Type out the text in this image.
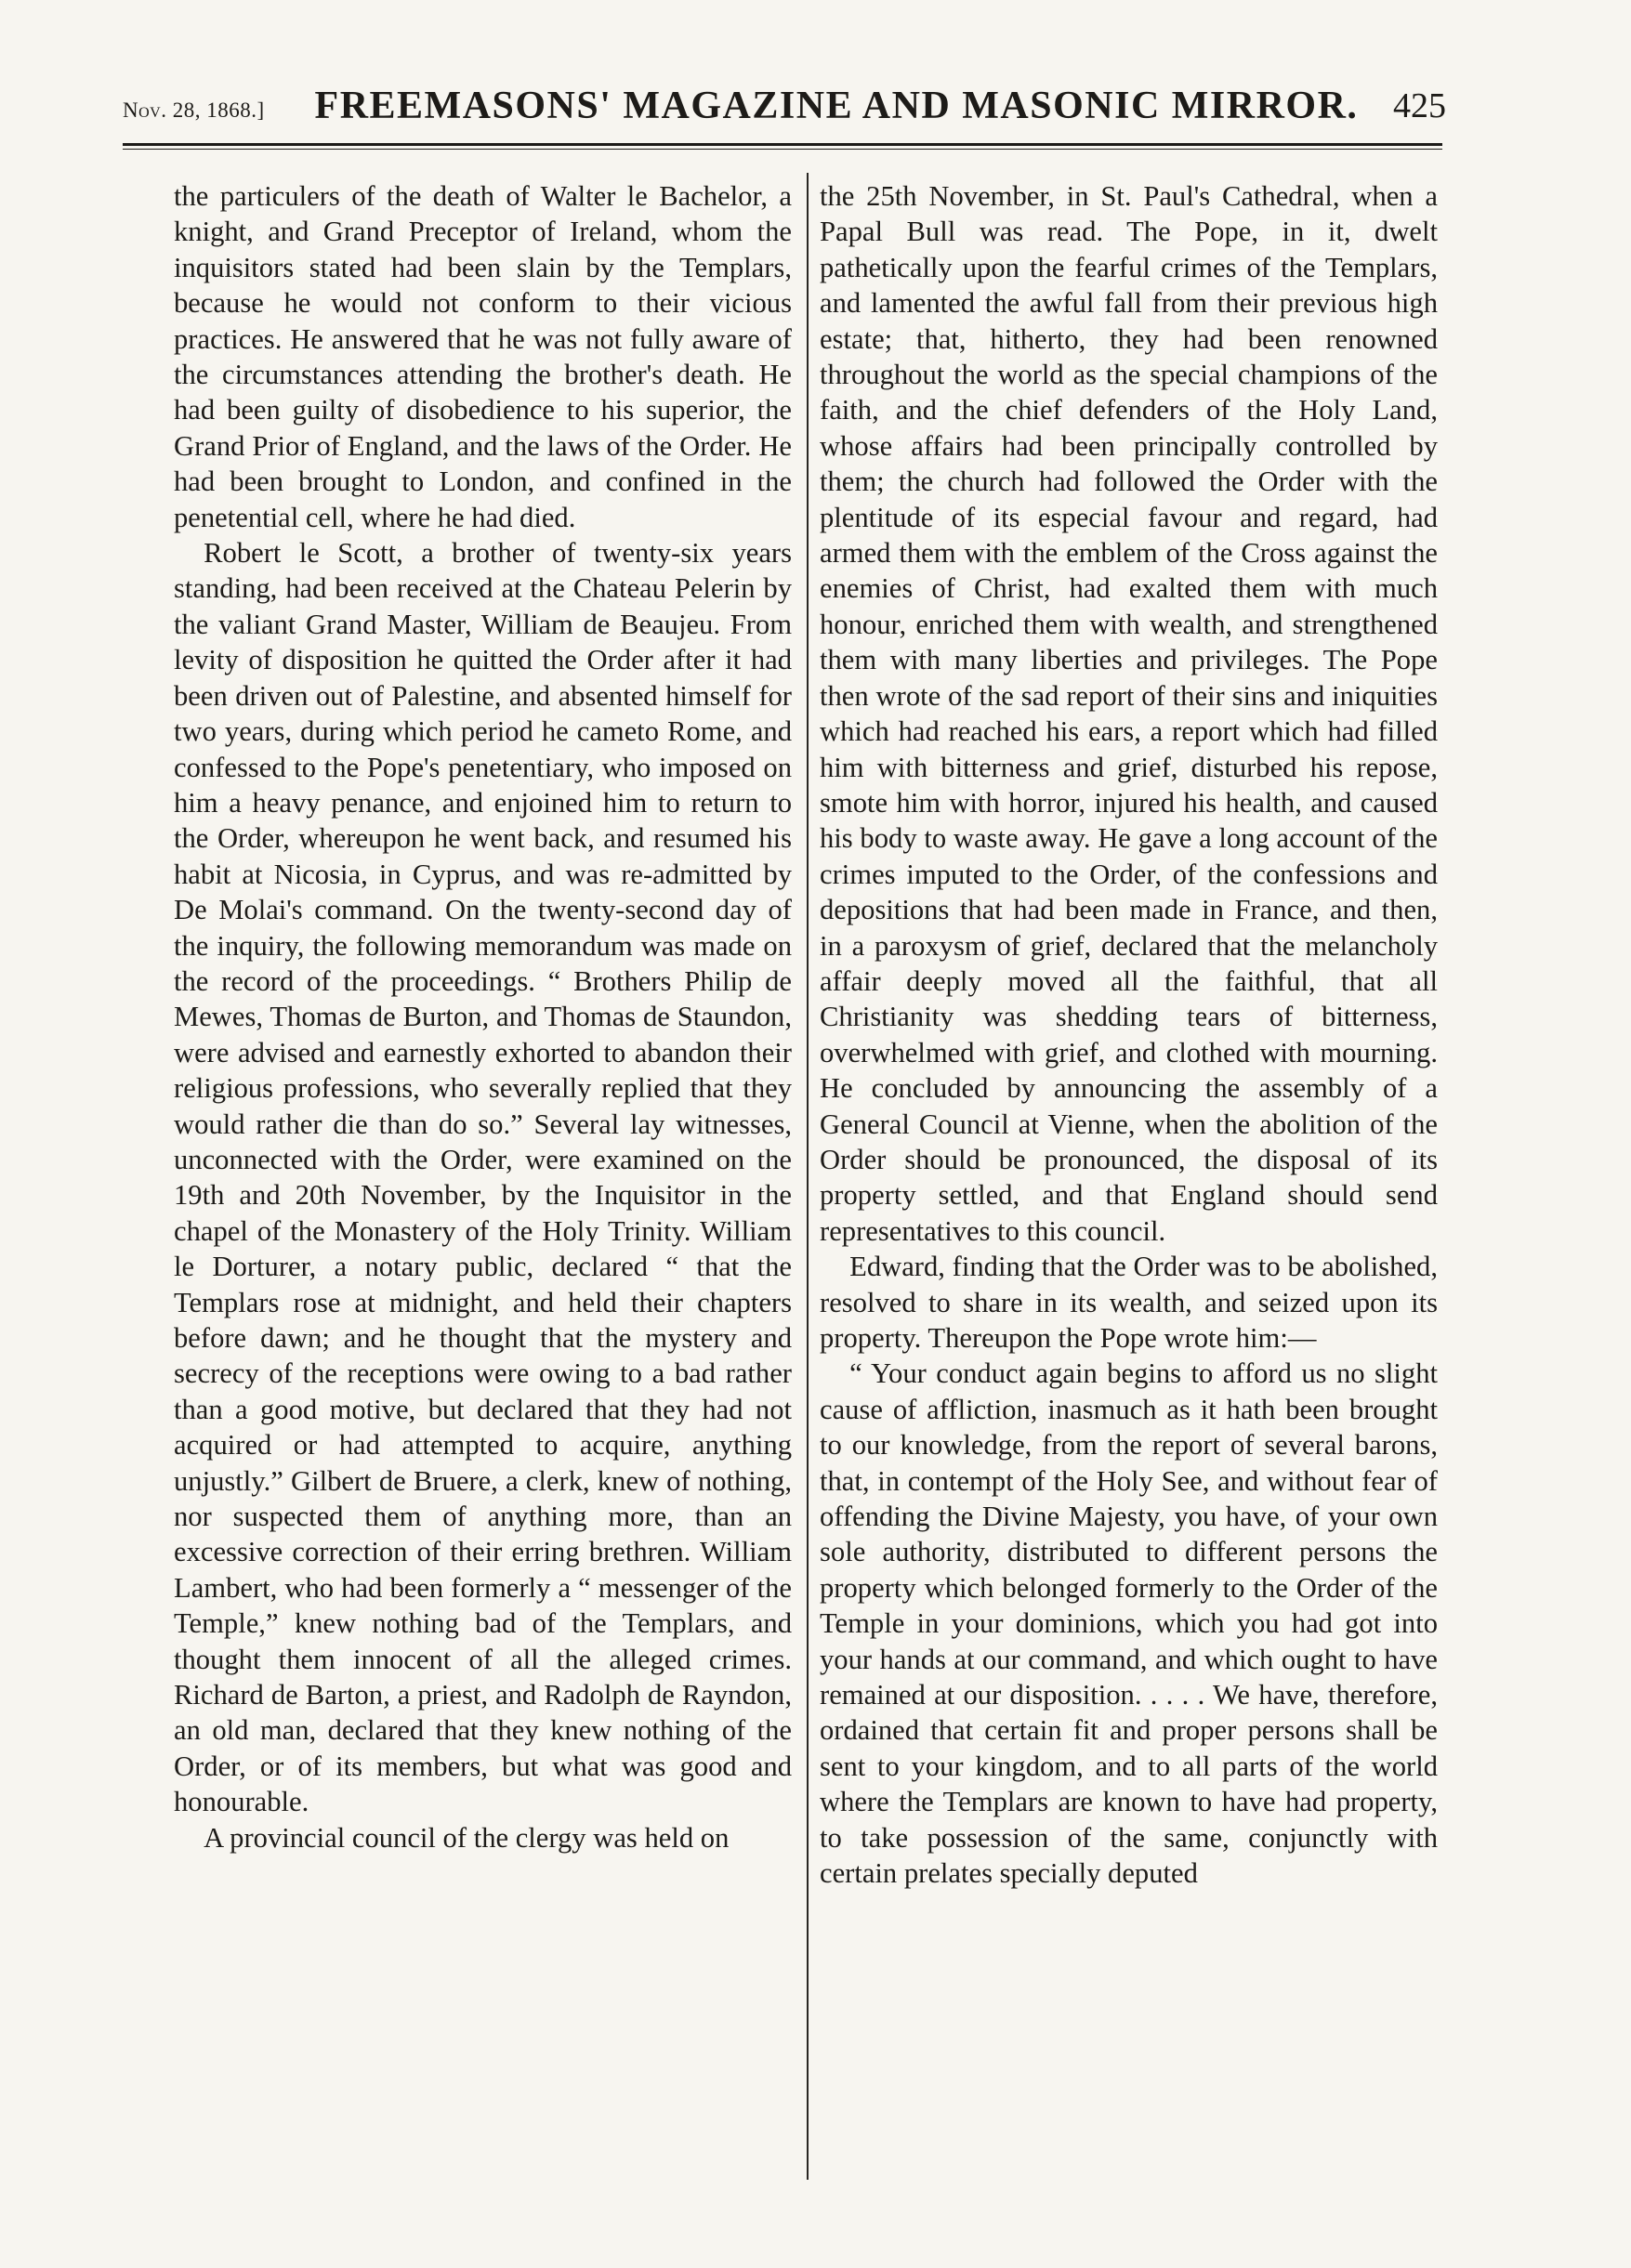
Nov. 28, 1868.]	FREEMASONS' MAGAZINE AND MASONIC MIRROR. 425

the particulers of the death of Walter le Bachelor, a knight, and Grand Preceptor of Ireland, whom the inquisitors stated had been slain by the Templars, because he would not conform to their vicious practices. He answered that he was not fully aware of the circumstances attending the brother's death. He had been guilty of disobedience to his superior, the Grand Prior of England, and the laws of the Order. He had been brought to London, and confined in the penetential cell, where he had died.

Robert le Scott, a brother of twenty-six years standing, had been received at the Chateau Pelerin by the valiant Grand Master, William de Beaujeu. From levity of disposition he quitted the Order after it had been driven out of Palestine, and absented himself for two years, during which period he cameto Rome, and confessed to the Pope's penetentiary, who imposed on him a heavy penance, and enjoined him to return to the Order, whereupon he went back, and resumed his habit at Nicosia, in Cyprus, and was re-admitted by De Molai's command. On the twenty-second day of the inquiry, the following memorandum was made on the record of the proceedings. “ Brothers Philip de Mewes, Thomas de Burton, and Thomas de Staundon, were advised and earnestly exhorted to abandon their religious professions, who severally replied that they would rather die than do so.” Several lay witnesses, unconnected with the Order, were examined on the 19th and 20th November, by the Inquisitor in the chapel of the Monastery of the Holy Trinity. William le Dorturer, a notary public, declared “ that the Templars rose at midnight, and held their chapters before dawn; and he thought that the mystery and secrecy of the receptions were owing to a bad rather than a good motive, but declared that they had not acquired or had attempted to acquire, anything unjustly.” Gilbert de Bruere, a clerk, knew of nothing, nor suspected them of anything more, than an excessive correction of their erring brethren. William Lambert, who had been formerly a “ messenger of the Temple,” knew nothing bad of the Templars, and thought them innocent of all the alleged crimes. Richard de Barton, a priest, and Radolph de Rayndon, an old man, declared that they knew nothing of the Order, or of its members, but what was good and honourable.

A provincial council of the clergy was held on

the 25th November, in St. Paul's Cathedral, when a Papal Bull was read. The Pope, in it, dwelt pathetically upon the fearful crimes of the Templars, and lamented the awful fall from their previous high estate; that, hitherto, they had been renowned throughout the world as the special champions of the faith, and the chief defenders of the Holy Land, whose affairs had been principally controlled by them; the church had followed the Order with the plentitude of its especial favour and regard, had armed them with the emblem of the Cross against the enemies of Christ, had exalted them with much honour, enriched them with wealth, and strengthened them with many liberties and privileges. The Pope then wrote of the sad report of their sins and iniquities which had reached his ears, a report which had filled him with bitterness and grief, disturbed his repose, smote him with horror, injured his health, and caused his body to waste away. He gave a long account of the crimes imputed to the Order, of the confessions and depositions that had been made in France, and then, in a paroxysm of grief, declared that the melancholy affair deeply moved all the faithful, that all Christianity was shedding tears of bitterness, overwhelmed with grief, and clothed with mourning. He concluded by announcing the assembly of a General Council at Vienne, when the abolition of the Order should be pronounced, the disposal of its property settled, and that England should send representatives to this council.

Edward, finding that the Order was to be abolished, resolved to share in its wealth, and seized upon its property. Thereupon the Pope wrote him:—

“ Your conduct again begins to afford us no slight cause of affliction, inasmuch as it hath been brought to our knowledge, from the report of several barons, that, in contempt of the Holy See, and without fear of offending the Divine Majesty, you have, of your own sole authority, distributed to different persons the property which belonged formerly to the Order of the Temple in your dominions, which you had got into your hands at our command, and which ought to have remained at our disposition. . . . . We have, therefore, ordained that certain fit and proper persons shall be sent to your kingdom, and to all parts of the world where the Templars are known to have had property, to take possession of the same, conjunctly with certain prelates specially deputed
